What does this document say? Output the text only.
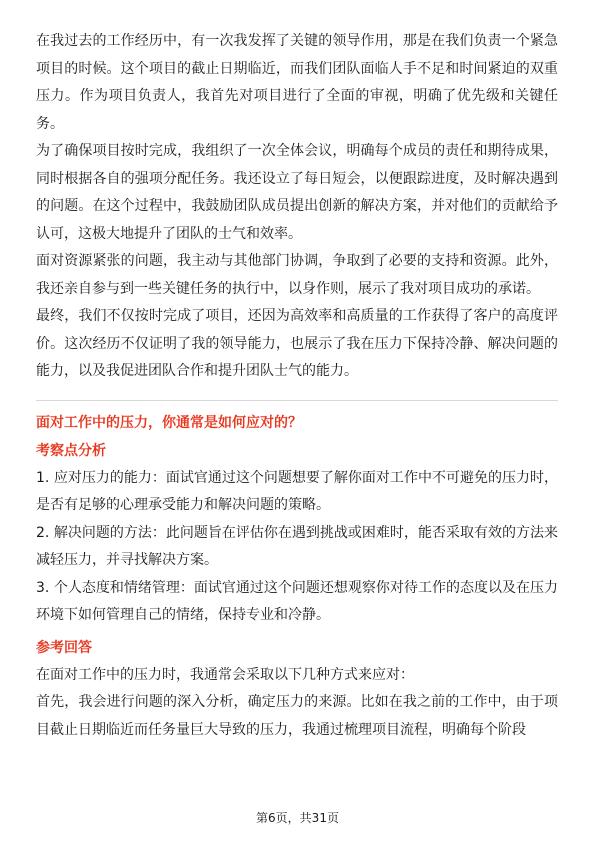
在我过去的工作经历中，有一次我发挥了关键的领导作用，那是在我们负责一个紧急项目的时候。这个项目的截止日期临近，而我们团队面临人手不足和时间紧迫的双重压力。作为项目负责人，我首先对项目进行了全面的审视，明确了优先级和关键任务。

为了确保项目按时完成，我组织了一次全体会议，明确每个成员的责任和期待成果，同时根据各自的强项分配任务。我还设立了每日短会，以便跟踪进度，及时解决遇到的问题。在这个过程中，我鼓励团队成员提出创新的解决方案，并对他们的贡献给予认可，这极大地提升了团队的士气和效率。

面对资源紧张的问题，我主动与其他部门协调，争取到了必要的支持和资源。此外，我还亲自参与到一些关键任务的执行中，以身作则，展示了我对项目成功的承诺。

最终，我们不仅按时完成了项目，还因为高效率和高质量的工作获得了客户的高度评价。这次经历不仅证明了我的领导能力，也展示了我在压力下保持冷静、解决问题的能力，以及我促进团队合作和提升团队士气的能力。

面对工作中的压力，你通常是如何应对的？
考察点分析

1. 应对压力的能力：面试官通过这个问题想要了解你面对工作中不可避免的压力时，是否有足够的心理承受能力和解决问题的策略。

2. 解决问题的方法：此问题旨在评估你在遇到挑战或困难时，能否采取有效的方法来减轻压力，并寻找解决方案。

3. 个人态度和情绪管理：面试官通过这个问题还想观察你对待工作的态度以及在压力环境下如何管理自己的情绪，保持专业和冷静。

参考回答

在面对工作中的压力时，我通常会采取以下几种方式来应对：

首先，我会进行问题的深入分析，确定压力的来源。比如在我之前的工作中，由于项目截止日期临近而任务量巨大导致的压力，我通过梳理项目流程，明确每个阶段

第6页，共31页
